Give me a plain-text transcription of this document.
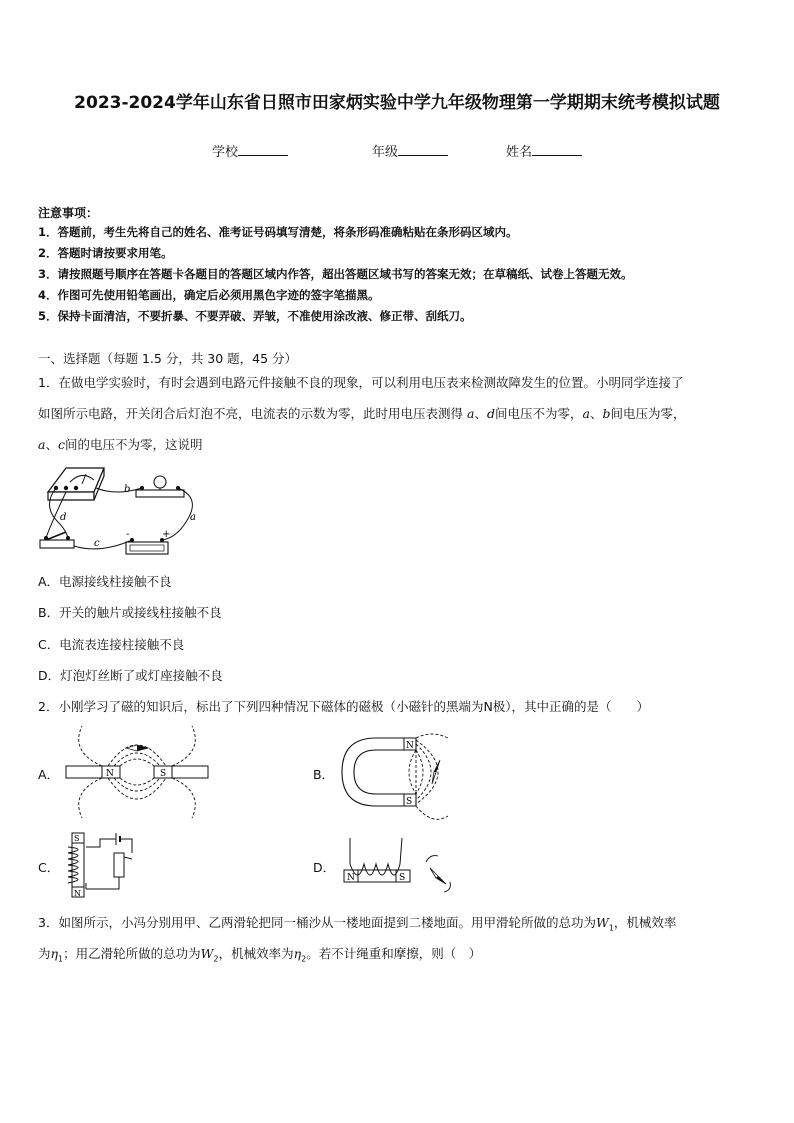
2023-2024学年山东省日照市田家炳实验中学九年级物理第一学期期末统考模拟试题
学校	年级	姓名
注意事项：
1．答题前，考生先将自己的姓名、准考证号码填写清楚，将条形码准确粘贴在条形码区域内。
2．答题时请按要求用笔。
3．请按照题号顺序在答题卡各题目的答题区域内作答，超出答题区域书写的答案无效；在草稿纸、试卷上答题无效。
4．作图可先使用铅笔画出，确定后必须用黑色字迹的签字笔描黑。
5．保持卡面清洁，不要折暴、不要弄破、弄皱，不准使用涂改液、修正带、刮纸刀。
一、选择题（每题 1.5 分，共 30 题，45 分）
1．在做电学实验时，有时会遇到电路元件接触不良的现象，可以利用电压表来检测故障发生的位置。小明同学连接了
如图所示电路，开关闭合后灯泡不亮，电流表的示数为零，此时用电压表测得 a、d间电压不为零，a、b间电压为零，
a、c间的电压不为零，这说明
b
a
c
d
-	+
A．电源接线柱接触不良
B．开关的触片或接线柱接触不良
C．电流表连接柱接触不良
D．灯泡灯丝断了或灯座接触不良
2．小刚学习了磁的知识后，标出了下列四种情况下磁体的磁极（小磁针的黑端为N极），其中正确的是（　　）
A．	N	S	B．
N
S
C．
S
N
D．
N	S
3．如图所示，小冯分别用甲、乙两滑轮把同一桶沙从一楼地面提到二楼地面。用甲滑轮所做的总功为$W_1$，机械效率
为$\eta_1$；用乙滑轮所做的总功为$W_2$，机械效率为$\eta_2$。若不计绳重和摩擦，则（　）
